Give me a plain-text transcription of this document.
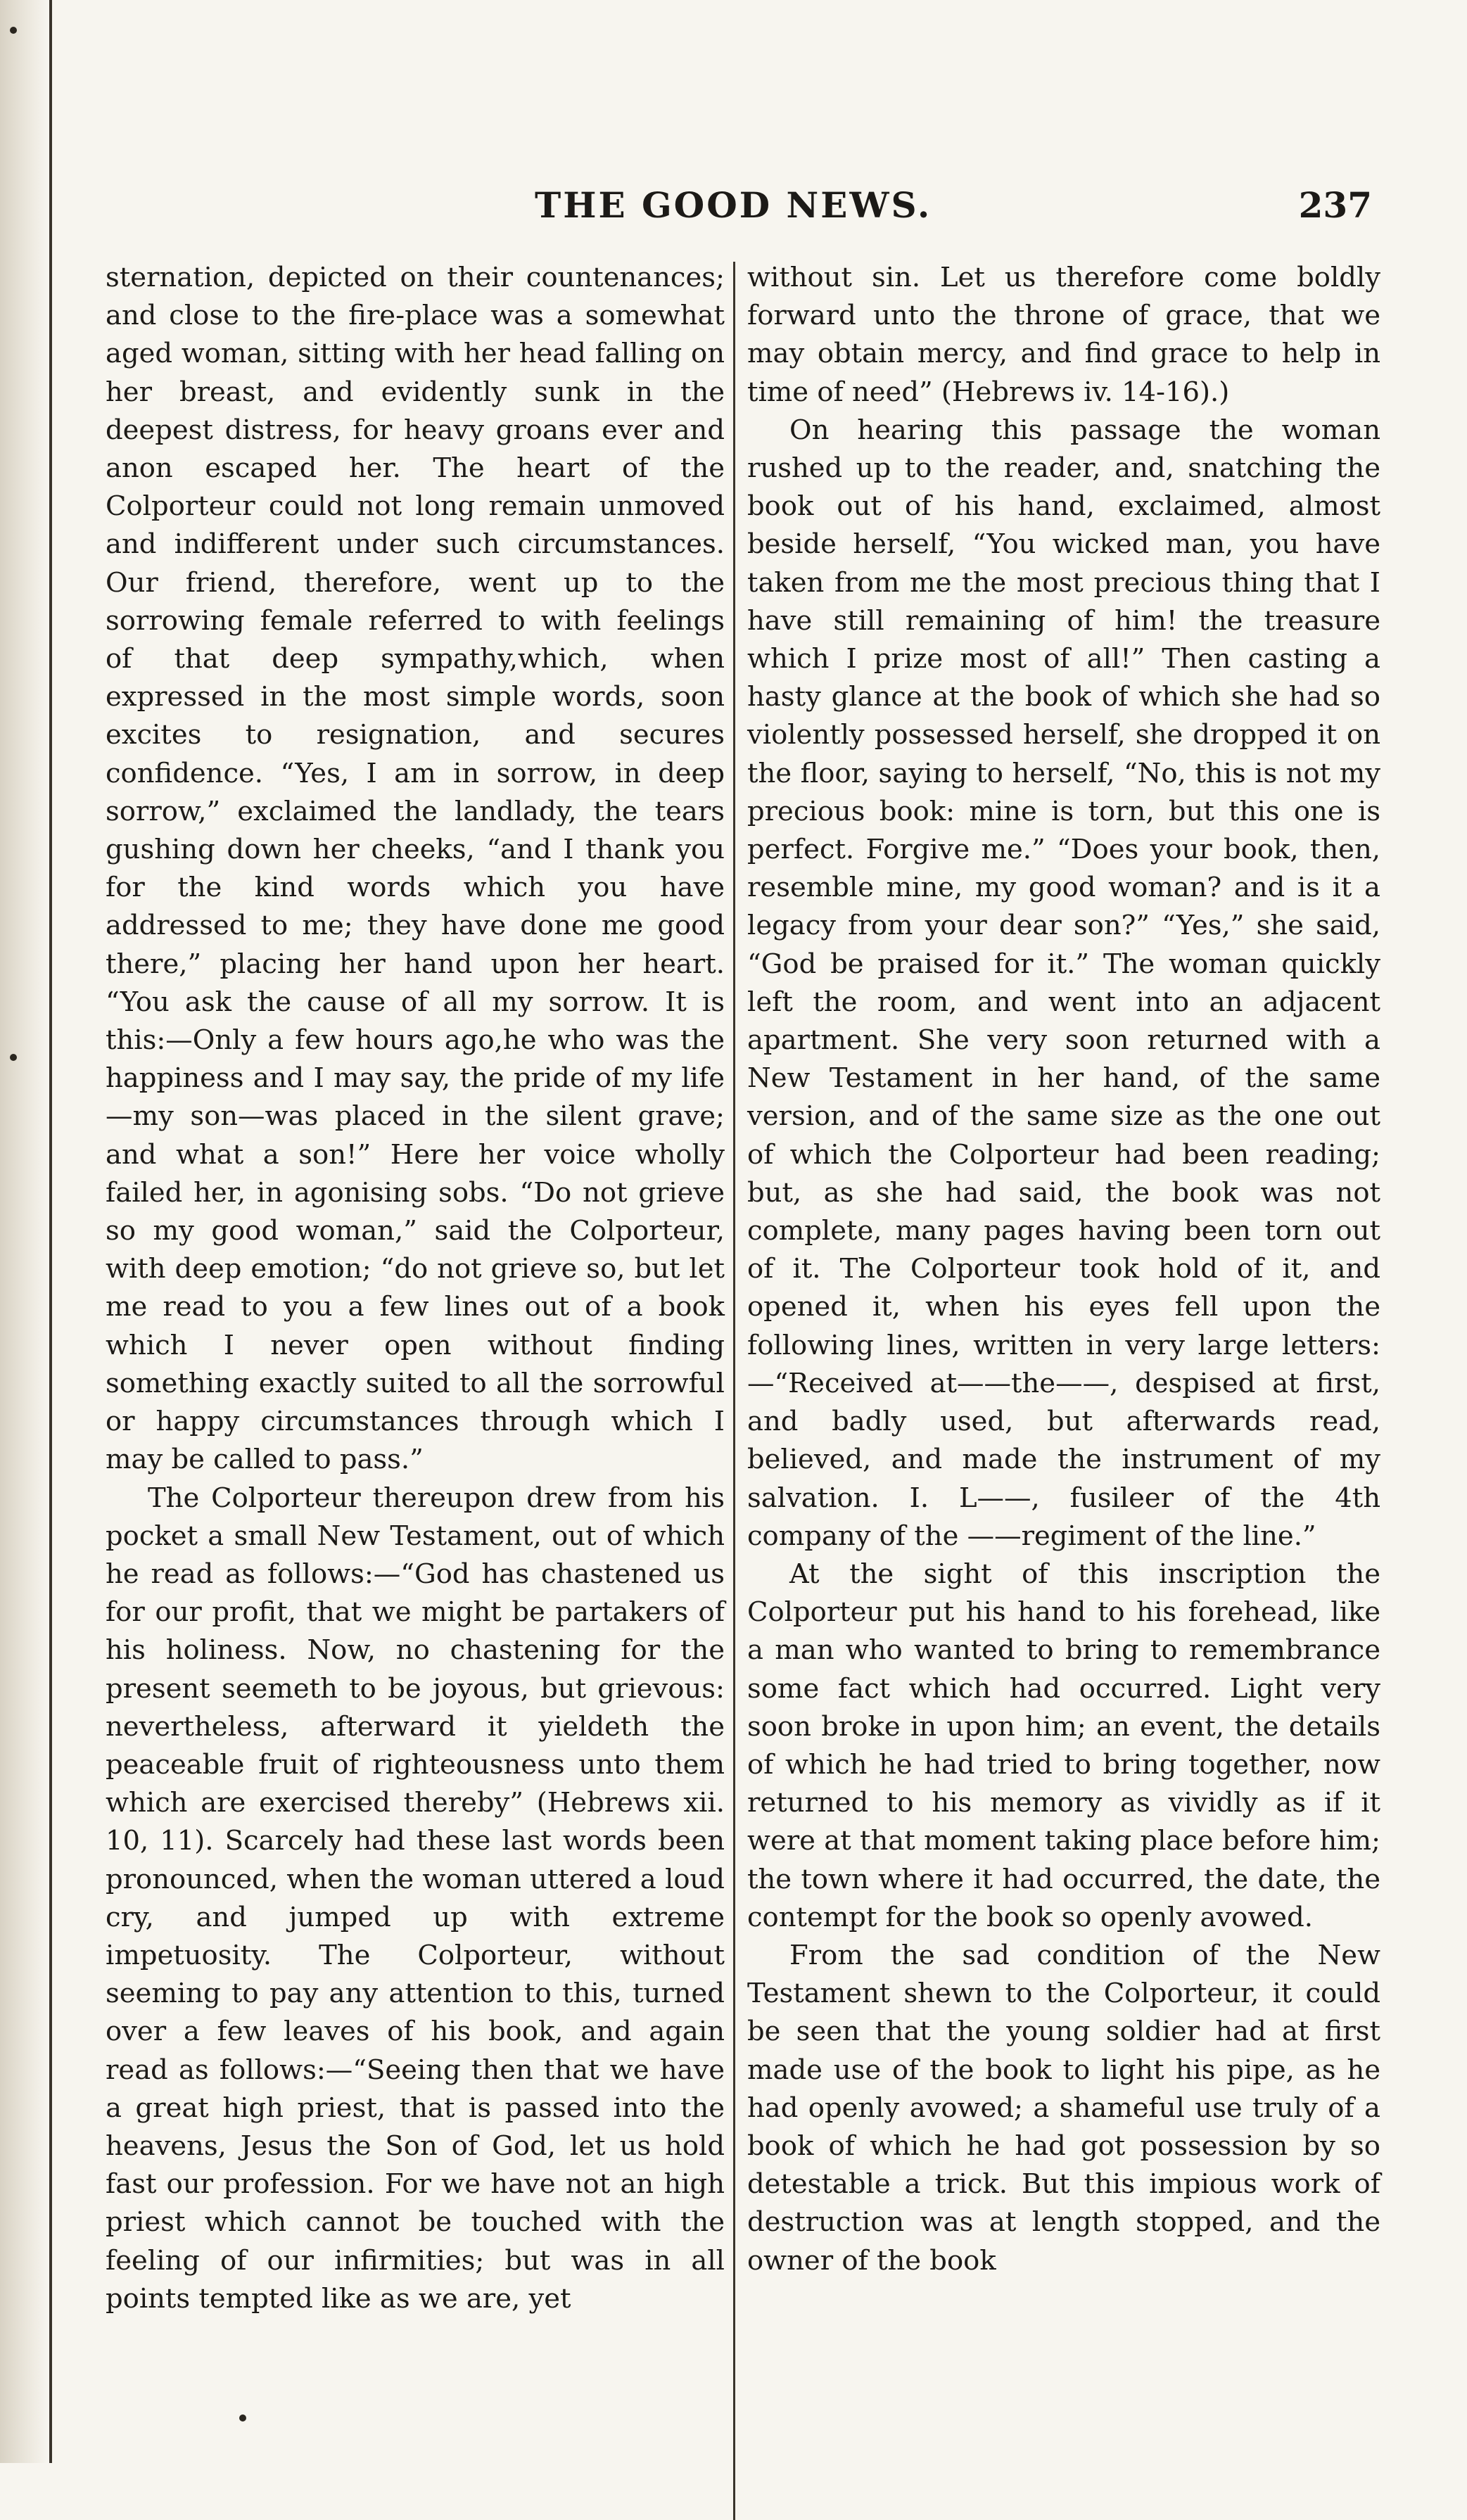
THE GOOD NEWS.	237

sternation, depicted on their countenances; and close to the fire-place was a somewhat aged woman, sitting with her head falling on her breast, and evidently sunk in the deepest distress, for heavy groans ever and anon escaped her. The heart of the Colporteur could not long remain unmoved and indifferent under such circumstances. Our friend, therefore, went up to the sorrowing female referred to with feelings of that deep sympathy,which, when expressed in the most simple words, soon excites to resignation, and secures confidence. “Yes, I am in sorrow, in deep sorrow,” exclaimed the landlady, the tears gushing down her cheeks, “and I thank you for the kind words which you have addressed to me; they have done me good there,” placing her hand upon her heart. “You ask the cause of all my sorrow. It is this:—Only a few hours ago,he who was the happiness and I may say, the pride of my life—my son—was placed in the silent grave; and what a son!” Here her voice wholly failed her, in agonising sobs. “Do not grieve so my good woman,” said the Colporteur, with deep emotion; “do not grieve so, but let me read to you a few lines out of a book which I never open without finding something exactly suited to all the sorrowful or happy circumstances through which I may be called to pass.”

The Colporteur thereupon drew from his pocket a small New Testament, out of which he read as follows:—“God has chastened us for our profit, that we might be partakers of his holiness. Now, no chastening for the present seemeth to be joyous, but grievous: nevertheless, afterward it yieldeth the peaceable fruit of righteousness unto them which are exercised thereby” (Hebrews xii. 10, 11). Scarcely had these last words been pronounced, when the woman uttered a loud cry, and jumped up with extreme impetuosity. The Colporteur, without seeming to pay any attention to this, turned over a few leaves of his book, and again read as follows:—“Seeing then that we have a great high priest, that is passed into the heavens, Jesus the Son of God, let us hold fast our profession. For we have not an high priest which cannot be touched with the feeling of our infirmities; but was in all points tempted like as we are, yet

without sin. Let us therefore come boldly forward unto the throne of grace, that we may obtain mercy, and find grace to help in time of need” (Hebrews iv. 14-16).)

On hearing this passage the woman rushed up to the reader, and, snatching the book out of his hand, exclaimed, almost beside herself, “You wicked man, you have taken from me the most precious thing that I have still remaining of him! the treasure which I prize most of all!” Then casting a hasty glance at the book of which she had so violently possessed herself, she dropped it on the floor, saying to herself, “No, this is not my precious book: mine is torn, but this one is perfect. Forgive me.” “Does your book, then, resemble mine, my good woman? and is it a legacy from your dear son?” “Yes,” she said, “God be praised for it.” The woman quickly left the room, and went into an adjacent apartment. She very soon returned with a New Testament in her hand, of the same version, and of the same size as the one out of which the Colporteur had been reading; but, as she had said, the book was not complete, many pages having been torn out of it. The Colporteur took hold of it, and opened it, when his eyes fell upon the following lines, written in very large letters:—“Received at——the——, despised at first, and badly used, but afterwards read, believed, and made the instrument of my salvation. I. L——, fusileer of the 4th company of the ——regiment of the line.”

At the sight of this inscription the Colporteur put his hand to his forehead, like a man who wanted to bring to remembrance some fact which had occurred. Light very soon broke in upon him; an event, the details of which he had tried to bring together, now returned to his memory as vividly as if it were at that moment taking place before him; the town where it had occurred, the date, the contempt for the book so openly avowed.

From the sad condition of the New Testament shewn to the Colporteur, it could be seen that the young soldier had at first made use of the book to light his pipe, as he had openly avowed; a shameful use truly of a book of which he had got possession by so detestable a trick. But this impious work of destruction was at length stopped, and the owner of the book
